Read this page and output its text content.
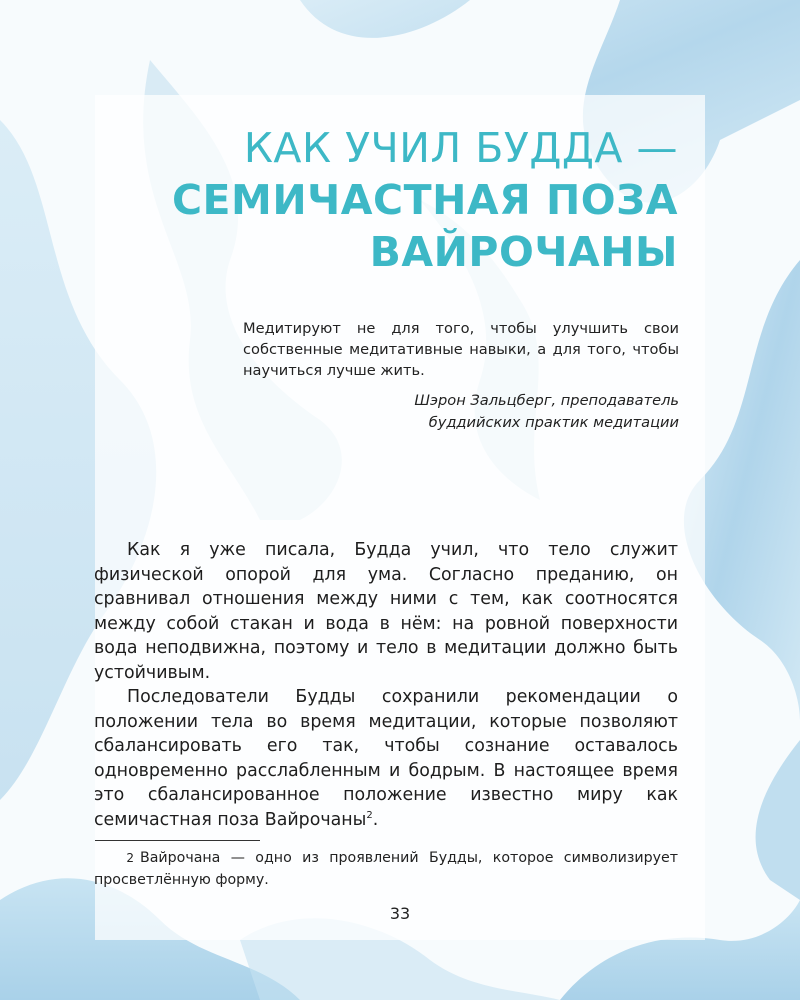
КАК УЧИЛ БУДДА —
СЕМИЧАСТНАЯ ПОЗА
ВАЙРОЧАНЫ
Медитируют не для того, чтобы улучшить свои собственные медитативные навыки, а для того, чтобы научиться лучше жить.
Шэрон Зальцберг, преподаватель
буддийских практик медитации

Как я уже писала, Будда учил, что тело служит физической опорой для ума. Согласно преданию, он сравнивал отношения между ними с тем, как соотносятся между собой стакан и вода в нём: на ровной поверхности вода неподвижна, поэтому и тело в медитации должно быть устойчивым.

Последователи Будды сохранили рекомендации о положении тела во время медитации, которые позволяют сбалансировать его так, чтобы сознание оставалось одновременно расслабленным и бодрым. В настоящее время это сбалансированное положение известно миру как семичастная поза Вайрочаны$^2$.

2 Вайрочана — одно из проявлений Будды, которое символизирует просветлённую форму.
33
